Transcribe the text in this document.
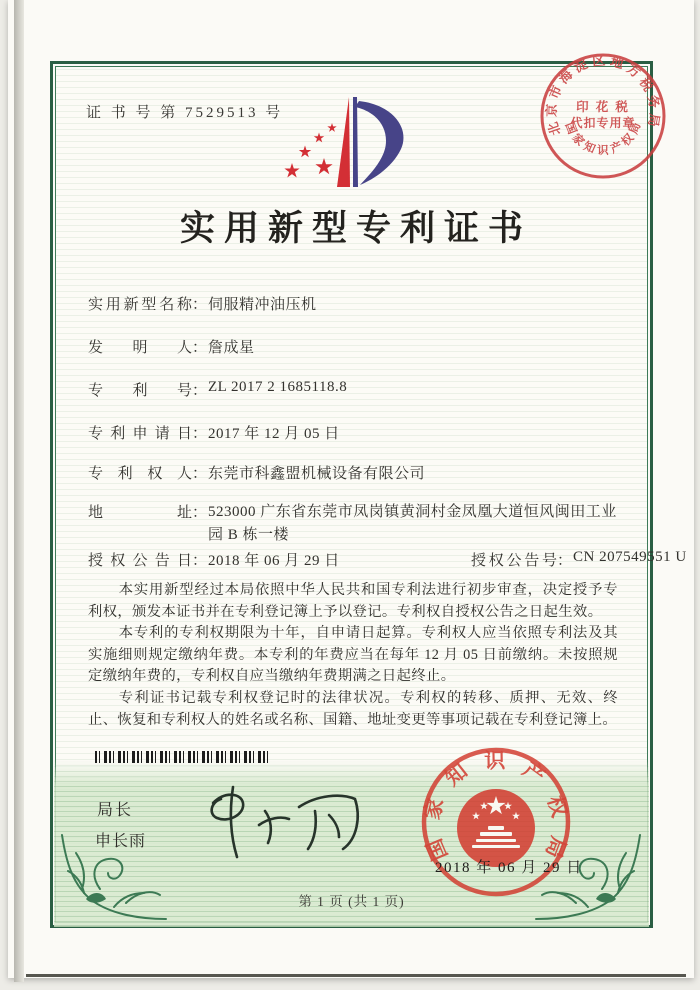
证 书 号 第 7529513 号
北京市海淀区地方税务局
国家知识产权局
印 花 税
代扣专用章
实用新型专利证书
实用新型名称：伺服精冲油压机
发明人：詹成星
专利号：ZL 2017 2 1685118.8
专利申请日：2017 年 12 月 05 日
专利权人：东莞市科鑫盟机械设备有限公司
地址：523000 广东省东莞市凤岗镇黄洞村金凤凰大道恒风闽田工业园 B 栋一楼
授权公告日：2018 年 06 月 29 日	授权公告号：CN 207549551 U

本实用新型经过本局依照中华人民共和国专利法进行初步审查，决定授予专利权，颁发本证书并在专利登记簿上予以登记。专利权自授权公告之日起生效。

本专利的专利权期限为十年，自申请日起算。专利权人应当依照专利法及其实施细则规定缴纳年费。本专利的年费应当在每年 12 月 05 日前缴纳。未按照规定缴纳年费的，专利权自应当缴纳年费期满之日起终止。

专利证书记载专利权登记时的法律状况。专利权的转移、质押、无效、终止、恢复和专利权人的姓名或名称、国籍、地址变更等事项记载在专利登记簿上。

局长
申长雨	国家知识产权局
2018 年 06 月 29 日
第 1 页 (共 1 页)
